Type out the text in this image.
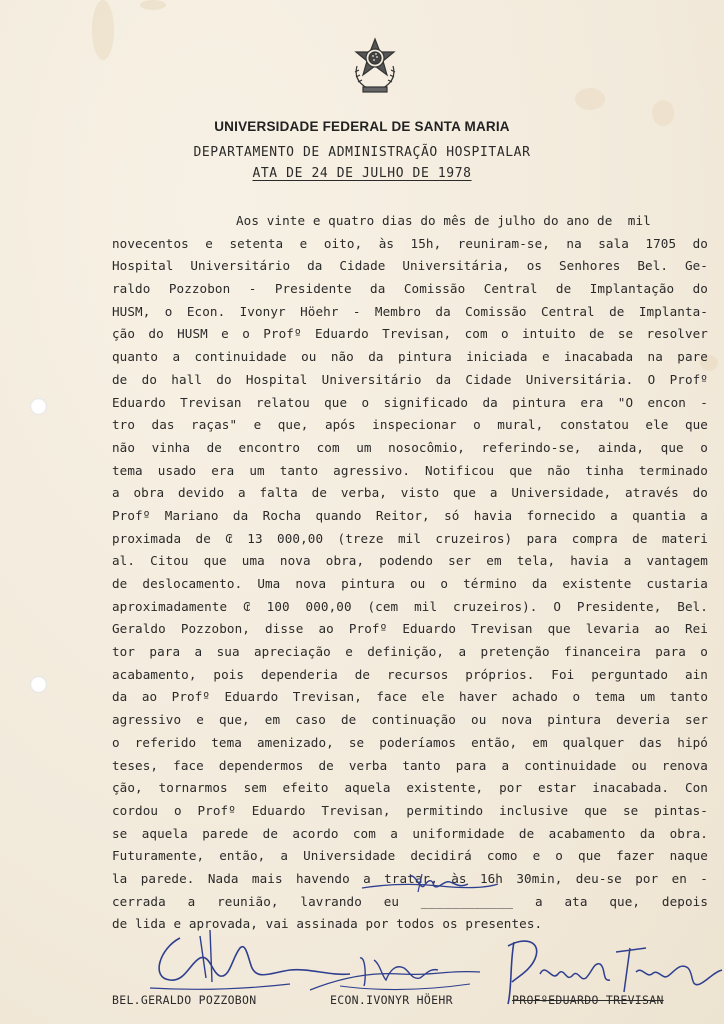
UNIVERSIDADE FEDERAL DE SANTA MARIA
DEPARTAMENTO DE ADMINISTRAÇÃO HOSPITALAR
ATA DE 24 DE JULHO DE 1978
Aos vinte e quatro dias do mês de julho do ano de  mil
novecentos e setenta e oito, às 15h, reuniram-se, na sala 1705 do
Hospital Universitário da Cidade Universitária, os Senhores Bel. Ge-
raldo Pozzobon - Presidente da Comissão Central de Implantação do
HUSM, o Econ. Ivonyr Höehr - Membro da Comissão Central de Implanta-
ção do HUSM e o Profº Eduardo Trevisan, com o intuito de se resolver
quanto a continuidade ou não da pintura iniciada e inacabada na pare
de do hall do Hospital Universitário da Cidade Universitária. O Profº
Eduardo Trevisan relatou que o significado da pintura era "O encon -
tro das raças" e que, após inspecionar o mural, constatou ele que
não vinha de encontro com um nosocômio, referindo-se, ainda, que o
tema usado era um tanto agressivo. Notificou que não tinha terminado
a obra devido a falta de verba, visto que a Universidade, através do
Profº Mariano da Rocha quando Reitor, só havia fornecido a quantia a
proximada de ₢ 13 000,00 (treze mil cruzeiros) para compra de materi
al. Citou que uma nova obra, podendo ser em tela, havia a vantagem
de deslocamento. Uma nova pintura ou o término da existente custaria
aproximadamente ₢ 100 000,00 (cem mil cruzeiros). O Presidente, Bel.
Geraldo Pozzobon, disse ao Profº Eduardo Trevisan que levaria ao Rei
tor para a sua apreciação e definição, a pretenção financeira para o
acabamento, pois dependeria de recursos próprios. Foi perguntado ain
da ao Profº Eduardo Trevisan, face ele haver achado o tema um tanto
agressivo e que, em caso de continuação ou nova pintura deveria ser
o referido tema amenizado, se poderíamos então, em qualquer das hipó
teses, face dependermos de verba tanto para a continuidade ou renova
ção, tornarmos sem efeito aquela existente, por estar inacabada. Con
cordou o Profº Eduardo Trevisan, permitindo inclusive que se pintas-
se aquela parede de acordo com a uniformidade de acabamento da obra.
Futuramente, então, a Universidade decidirá como e o que fazer naque
la parede. Nada mais havendo a tratar, às 16h 30min, deu-se por en -
cerrada a reunião, lavrando eu ____________ a ata que, depois
de lida e aprovada, vai assinada por todos os presentes.
BEL.GERALDO POZZOBON	ECON.IVONYR HÖEHR	PROFºEDUARDO TREVISAN
